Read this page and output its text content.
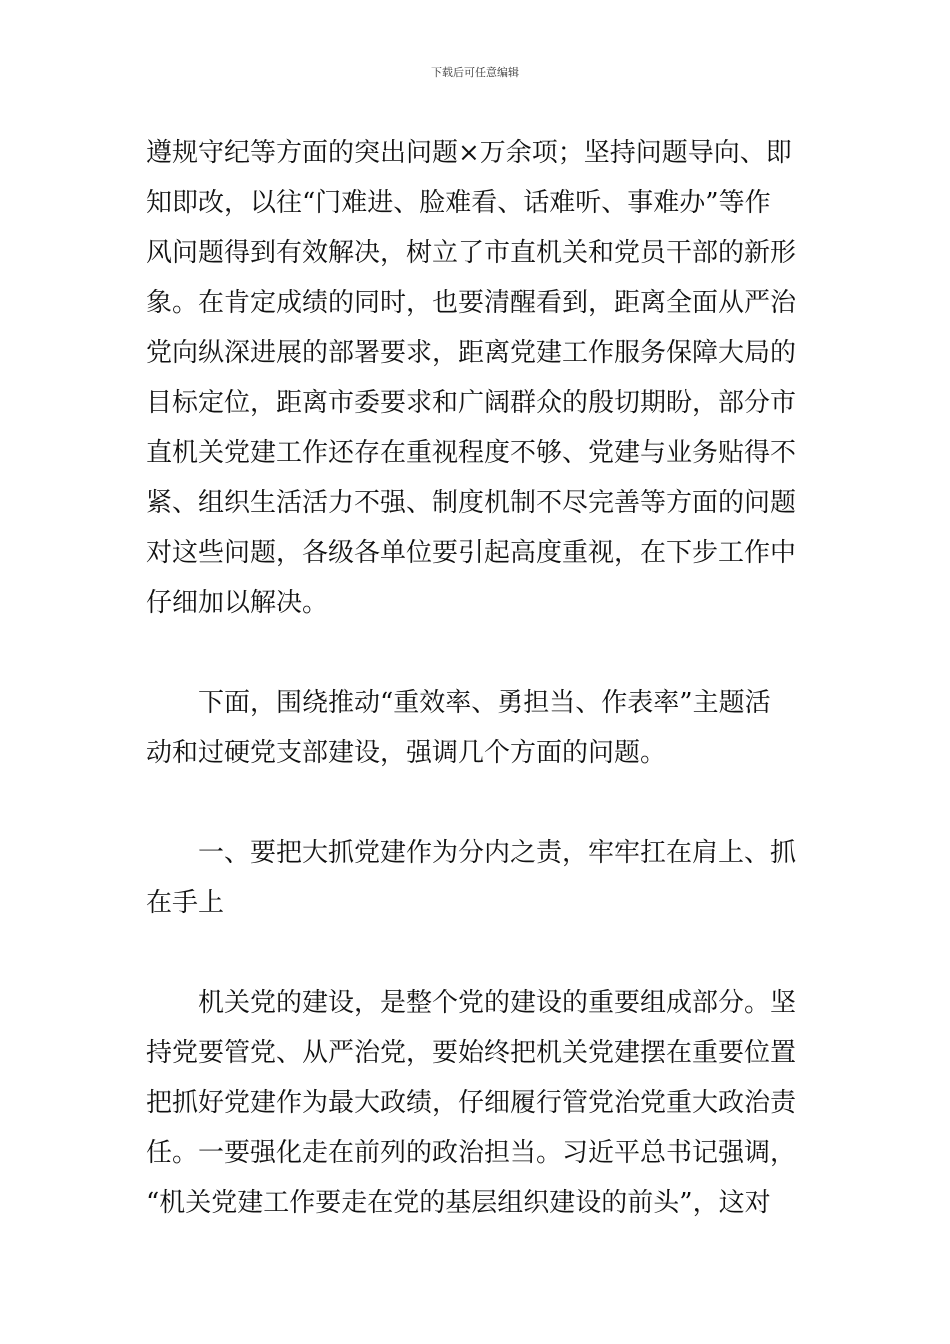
下载后可任意编辑
遵规守纪等方面的突出问题×万余项；坚持问题导向、即
知即改，以往“门难进、脸难看、话难听、事难办”等作
风问题得到有效解决，树立了市直机关和党员干部的新形
象。在肯定成绩的同时，也要清醒看到，距离全面从严治
党向纵深进展的部署要求，距离党建工作服务保障大局的
目标定位，距离市委要求和广阔群众的殷切期盼，部分市
直机关党建工作还存在重视程度不够、党建与业务贴得不
紧、组织生活活力不强、制度机制不尽完善等方面的问题
对这些问题，各级各单位要引起高度重视，在下步工作中
仔细加以解决。
下面，围绕推动“重效率、勇担当、作表率”主题活
动和过硬党支部建设，强调几个方面的问题。
一、要把大抓党建作为分内之责，牢牢扛在肩上、抓
在手上
机关党的建设，是整个党的建设的重要组成部分。坚
持党要管党、从严治党，要始终把机关党建摆在重要位置
把抓好党建作为最大政绩，仔细履行管党治党重大政治责
任。一要强化走在前列的政治担当。习近平总书记强调，
“机关党建工作要走在党的基层组织建设的前头”，这对
